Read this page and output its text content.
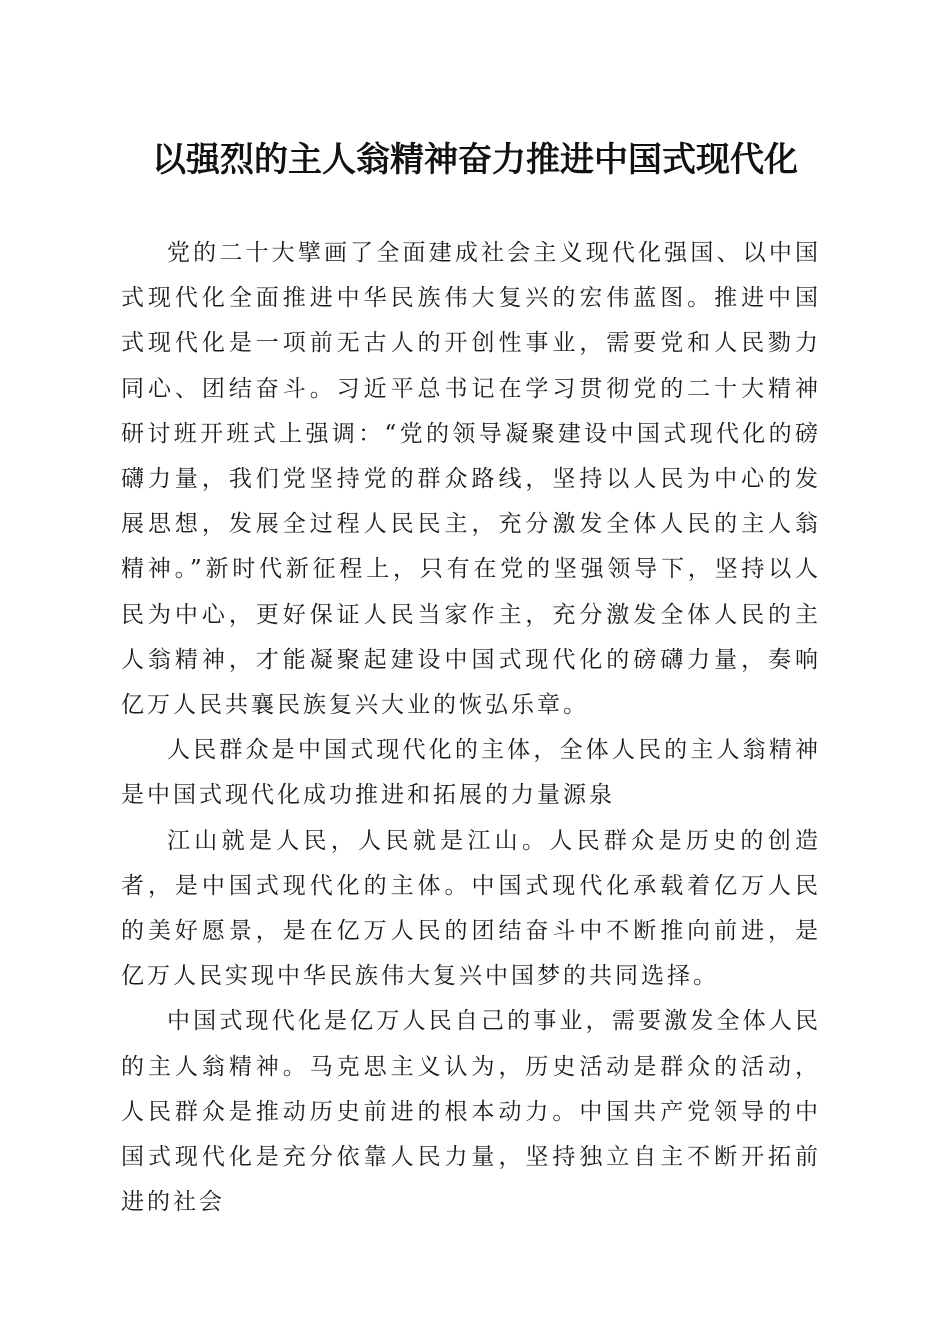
以强烈的主人翁精神奋力推进中国式现代化

党的二十大擘画了全面建成社会主义现代化强国、以中国式现代化全面推进中华民族伟大复兴的宏伟蓝图。推进中国式现代化是一项前无古人的开创性事业，需要党和人民勠力同心、团结奋斗。习近平总书记在学习贯彻党的二十大精神研讨班开班式上强调：“党的领导凝聚建设中国式现代化的磅礴力量，我们党坚持党的群众路线，坚持以人民为中心的发展思想，发展全过程人民民主，充分激发全体人民的主人翁精神。”新时代新征程上，只有在党的坚强领导下，坚持以人民为中心，更好保证人民当家作主，充分激发全体人民的主人翁精神，才能凝聚起建设中国式现代化的磅礴力量，奏响亿万人民共襄民族复兴大业的恢弘乐章。

人民群众是中国式现代化的主体，全体人民的主人翁精神是中国式现代化成功推进和拓展的力量源泉

江山就是人民，人民就是江山。人民群众是历史的创造者，是中国式现代化的主体。中国式现代化承载着亿万人民的美好愿景，是在亿万人民的团结奋斗中不断推向前进，是亿万人民实现中华民族伟大复兴中国梦的共同选择。

中国式现代化是亿万人民自己的事业，需要激发全体人民的主人翁精神。马克思主义认为，历史活动是群众的活动，人民群众是推动历史前进的根本动力。中国共产党领导的中国式现代化是充分依靠人民力量，坚持独立自主不断开拓前进的社会
